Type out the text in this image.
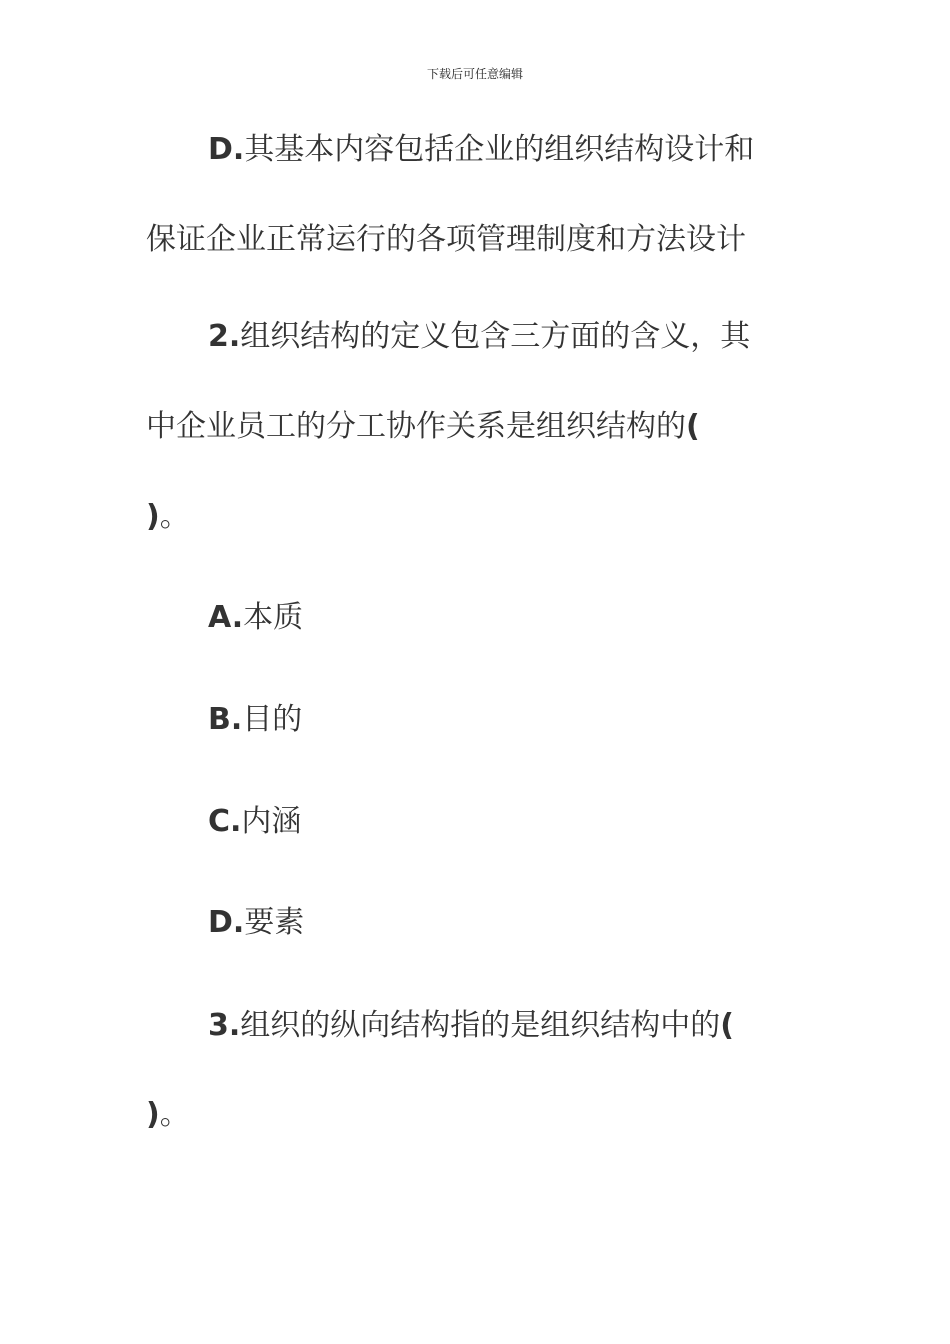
下载后可任意编辑
D.其基本内容包括企业的组织结构设计和
保证企业正常运行的各项管理制度和方法设计
2.组织结构的定义包含三方面的含义，其
中企业员工的分工协作关系是组织结构的(
)。
A.本质
B.目的
C.内涵
D.要素
3.组织的纵向结构指的是组织结构中的(
)。
